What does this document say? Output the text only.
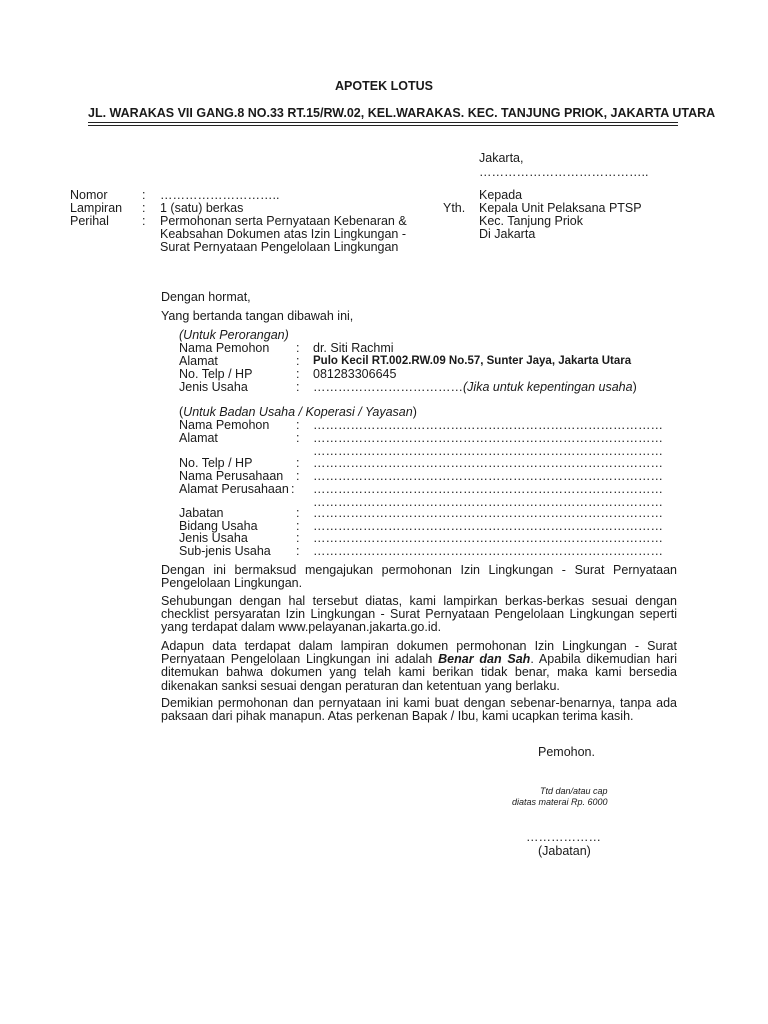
APOTEK LOTUS
JL. WARAKAS VII GANG.8 NO.33 RT.15/RW.02, KEL.WARAKAS. KEC. TANJUNG PRIOK, JAKARTA UTARA
Jakarta,
…………………………………..
Nomor	: ………………………..
Lampiran : 1 (satu) berkas
Perihal	: Permohonan serta Pernyataan Kebenaran &
Keabsahan Dokumen atas Izin Lingkungan -
Surat Pernyataan Pengelolaan Lingkungan
Kepada
Yth. Kepala Unit Pelaksana PTSP
Kec. Tanjung Priok
Di Jakarta
Dengan hormat,
Yang bertanda tangan dibawah ini,
(Untuk Perorangan)
Nama Pemohon : dr. Siti Rachmi
Alamat	: Pulo Kecil RT.002.RW.09 No.57, Sunter Jaya, Jakarta Utara
No. Telp / HP	: 081283306645
Jenis Usaha	: ………………………………(Jika untuk kepentingan usaha)
(Untuk Badan Usaha / Koperasi / Yayasan)
Nama Pemohon : …………………………………………………………………………
Alamat	: …………………………………………………………………………
…………………………………………………………………………
No. Telp / HP	: …………………………………………………………………………
Nama Perusahaan : …………………………………………………………………………
Alamat Perusahaan : …………………………………………………………………………
…………………………………………………………………………
Jabatan	: …………………………………………………………………………
Bidang Usaha	: …………………………………………………………………………
Jenis Usaha	: …………………………………………………………………………
Sub-jenis Usaha : …………………………………………………………………………
Dengan ini bermaksud mengajukan permohonan Izin Lingkungan - Surat Pernyataan Pengelolaan Lingkungan.
Sehubungan dengan hal tersebut diatas, kami lampirkan berkas-berkas sesuai dengan checklist persyaratan Izin Lingkungan - Surat Pernyataan Pengelolaan Lingkungan seperti yang terdapat dalam www.pelayanan.jakarta.go.id.
Adapun data terdapat dalam lampiran dokumen permohonan Izin Lingkungan - Surat Pernyataan Pengelolaan Lingkungan ini adalah Benar dan Sah. Apabila dikemudian hari ditemukan bahwa dokumen yang telah kami berikan tidak benar, maka kami bersedia dikenakan sanksi sesuai dengan peraturan dan ketentuan yang berlaku.
Demikian permohonan dan pernyataan ini kami buat dengan sebenar-benarnya, tanpa ada paksaan dari pihak manapun. Atas perkenan Bapak / Ibu, kami ucapkan terima kasih.
Pemohon.
Ttd dan/atau cap
diatas materai Rp. 6000
………………
(Jabatan)
